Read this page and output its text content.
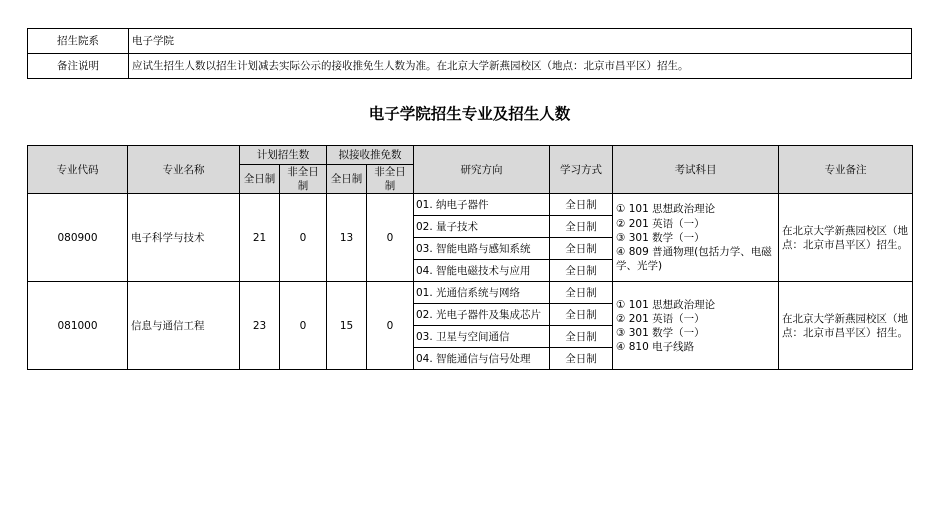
招生院系	电子学院
备注说明	应试生招生人数以招生计划减去实际公示的接收推免生人数为准。在北京大学新燕园校区（地点：北京市昌平区）招生。
电子学院招生专业及招生人数
专业代码	专业名称	计划招生数		拟接收推免数		研究方向	学习方式	考试科目	专业备注
		全日制	非全日制	全日制	非全日制				
080900	电子科学与技术	21	0	13	0	01. 纳电子器件	全日制	① 101 思想政治理论
② 201 英语（一）
③ 301 数学（一）
④ 809 普通物理(包括力学、电磁学、光学)	在北京大学新燕园校区（地点：北京市昌平区）招生。
						02. 量子技术	全日制		
						03. 智能电路与感知系统	全日制		
						04. 智能电磁技术与应用	全日制		
081000	信息与通信工程	23	0	15	0	01. 光通信系统与网络	全日制	① 101 思想政治理论
② 201 英语（一）
③ 301 数学（一）
④ 810 电子线路	在北京大学新燕园校区（地点：北京市昌平区）招生。
						02. 光电子器件及集成芯片	全日制		
						03. 卫星与空间通信	全日制		
						04. 智能通信与信号处理	全日制		
